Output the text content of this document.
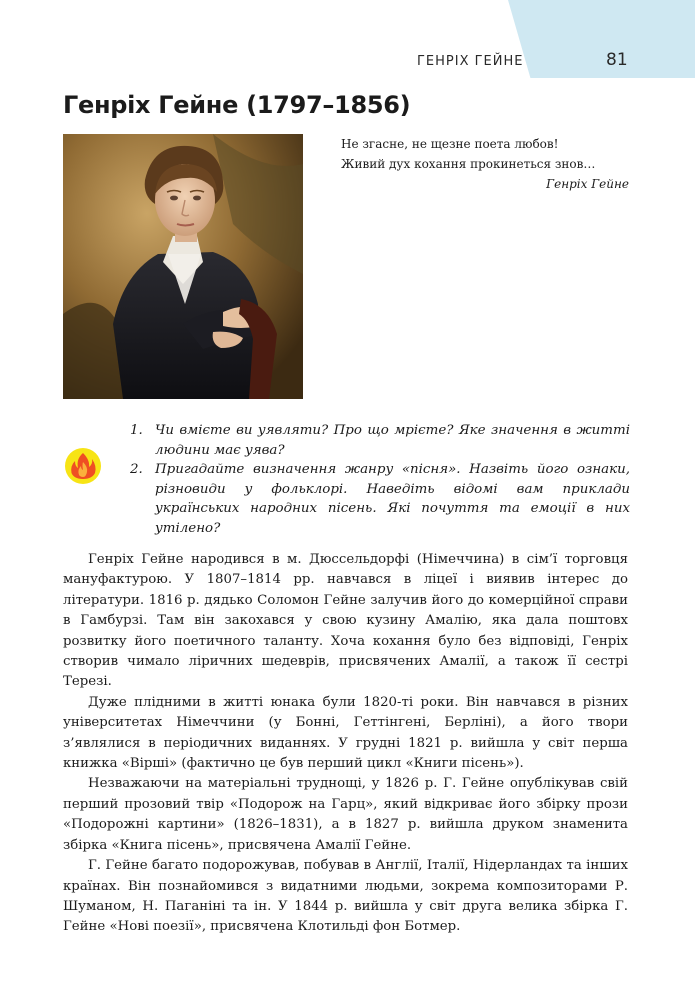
ГЕНРІХ ГЕЙНЕ	81
Генріх Гейне (1797–1856)
Не згасне, не щезне поета любов!
Живий дух кохання прокинеться знов…
Генріх Гейне
1. Чи вмієте ви уявляти? Про що мрієте? Яке значення в житті людини має уява?
2. Пригадайте визначення жанру «пісня». Назвіть його ознаки, різновиди у фольклорі. Наведіть відомі вам приклади українських народних пісень. Які почуття та емоції в них утілено?

Генріх Гейне народився в м. Дюссельдорфі (Німеччина) в сім’ї торговця мануфактурою. У 1807–1814 рр. навчався в ліцеї і виявив інтерес до літератури. 1816 р. дядько Соломон Гейне залучив його до комерційної справи в Гамбурзі. Там він закохався у свою кузину Амалію, яка дала поштовх розвитку його поетичного таланту. Хоча кохання було без відповіді, Генріх створив чимало ліричних шедеврів, присвячених Амалії, а також її сестрі Терезі.

Дуже плідними в житті юнака були 1820-ті роки. Він навчався в різних університетах Німеччини (у Бонні, Геттінгені, Берліні), а його твори з’являлися в періодичних виданнях. У грудні 1821 р. вийшла у світ перша книжка «Вірші» (фактично це був перший цикл «Книги пісень»).

Незважаючи на матеріальні труднощі, у 1826 р. Г. Гейне опублікував свій перший прозовий твір «Подорож на Гарц», який відкриває його збірку прози «Подорожні картини» (1826–1831), а в 1827 р. вийшла друком знаменита збірка «Книга пісень», присвячена Амалії Гейне.

Г. Гейне багато подорожував, побував в Англії, Італії, Нідерландах та інших країнах. Він познайомився з видатними людьми, зокрема композиторами Р. Шуманом, Н. Паганіні та ін. У 1844 р. вийшла у світ друга велика збірка Г. Гейне «Нові поезії», присвячена Клотильді фон Ботмер.
